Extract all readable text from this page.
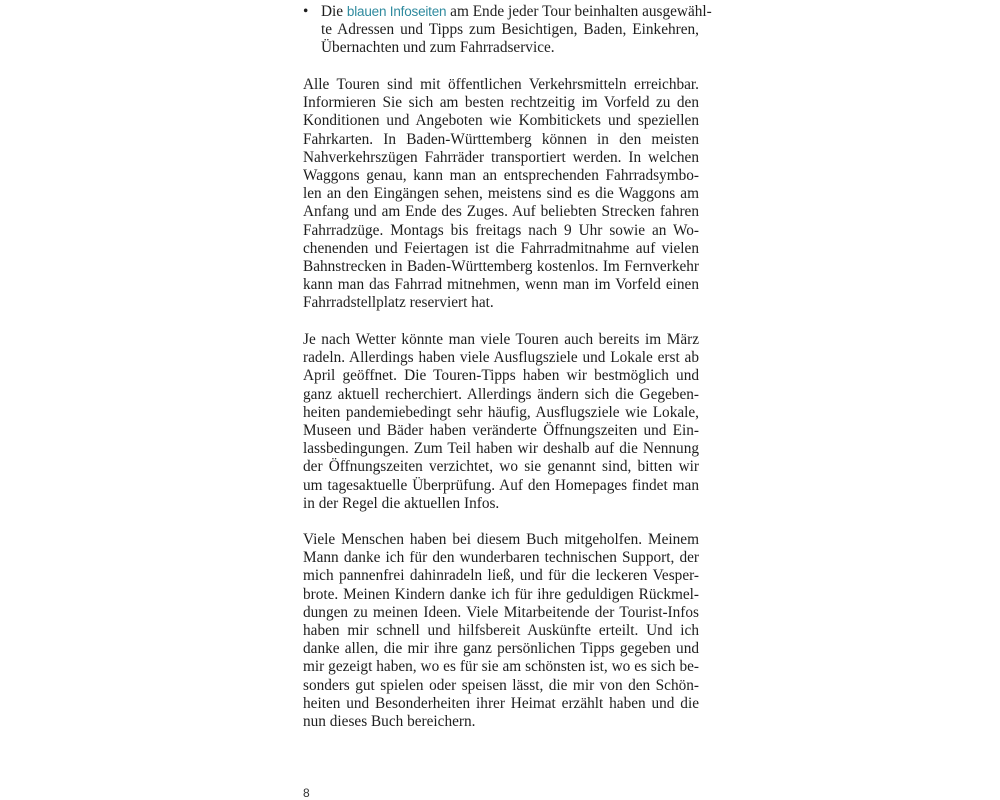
• Die blauen Infoseiten am Ende jeder Tour beinhalten ausgewähl-
te Adressen und Tipps zum Besichtigen, Baden, Einkehren,
Übernachten und zum Fahrradservice.

Alle Touren sind mit öffentlichen Verkehrsmitteln erreichbar.
Informieren Sie sich am besten rechtzeitig im Vorfeld zu den
Konditionen und Angeboten wie Kombitickets und speziellen
Fahrkarten. In Baden-Württemberg können in den meisten
Nahverkehrszügen Fahrräder transportiert werden. In welchen
Waggons genau, kann man an entsprechenden Fahrradsymbo-
len an den Eingängen sehen, meistens sind es die Waggons am
Anfang und am Ende des Zuges. Auf beliebten Strecken fahren
Fahrradzüge. Montags bis freitags nach 9 Uhr sowie an Wo-
chenenden und Feiertagen ist die Fahrradmitnahme auf vielen
Bahnstrecken in Baden-Württemberg kostenlos. Im Fernverkehr
kann man das Fahrrad mitnehmen, wenn man im Vorfeld einen
Fahrradstellplatz reserviert hat.

Je nach Wetter könnte man viele Touren auch bereits im März
radeln. Allerdings haben viele Ausflugsziele und Lokale erst ab
April geöffnet. Die Touren-Tipps haben wir bestmöglich und
ganz aktuell recherchiert. Allerdings ändern sich die Gegeben-
heiten pandemiebedingt sehr häufig, Ausflugsziele wie Lokale,
Museen und Bäder haben veränderte Öffnungszeiten und Ein-
lassbedingungen. Zum Teil haben wir deshalb auf die Nennung
der Öffnungszeiten verzichtet, wo sie genannt sind, bitten wir
um tagesaktuelle Überprüfung. Auf den Homepages findet man
in der Regel die aktuellen Infos.

Viele Menschen haben bei diesem Buch mitgeholfen. Meinem
Mann danke ich für den wunderbaren technischen Support, der
mich pannenfrei dahinradeln ließ, und für die leckeren Vesper-
brote. Meinen Kindern danke ich für ihre geduldigen Rückmel-
dungen zu meinen Ideen. Viele Mitarbeitende der Tourist-Infos
haben mir schnell und hilfsbereit Auskünfte erteilt. Und ich
danke allen, die mir ihre ganz persönlichen Tipps gegeben und
mir gezeigt haben, wo es für sie am schönsten ist, wo es sich be-
sonders gut spielen oder speisen lässt, die mir von den Schön-
heiten und Besonderheiten ihrer Heimat erzählt haben und die
nun dieses Buch bereichern.

8
